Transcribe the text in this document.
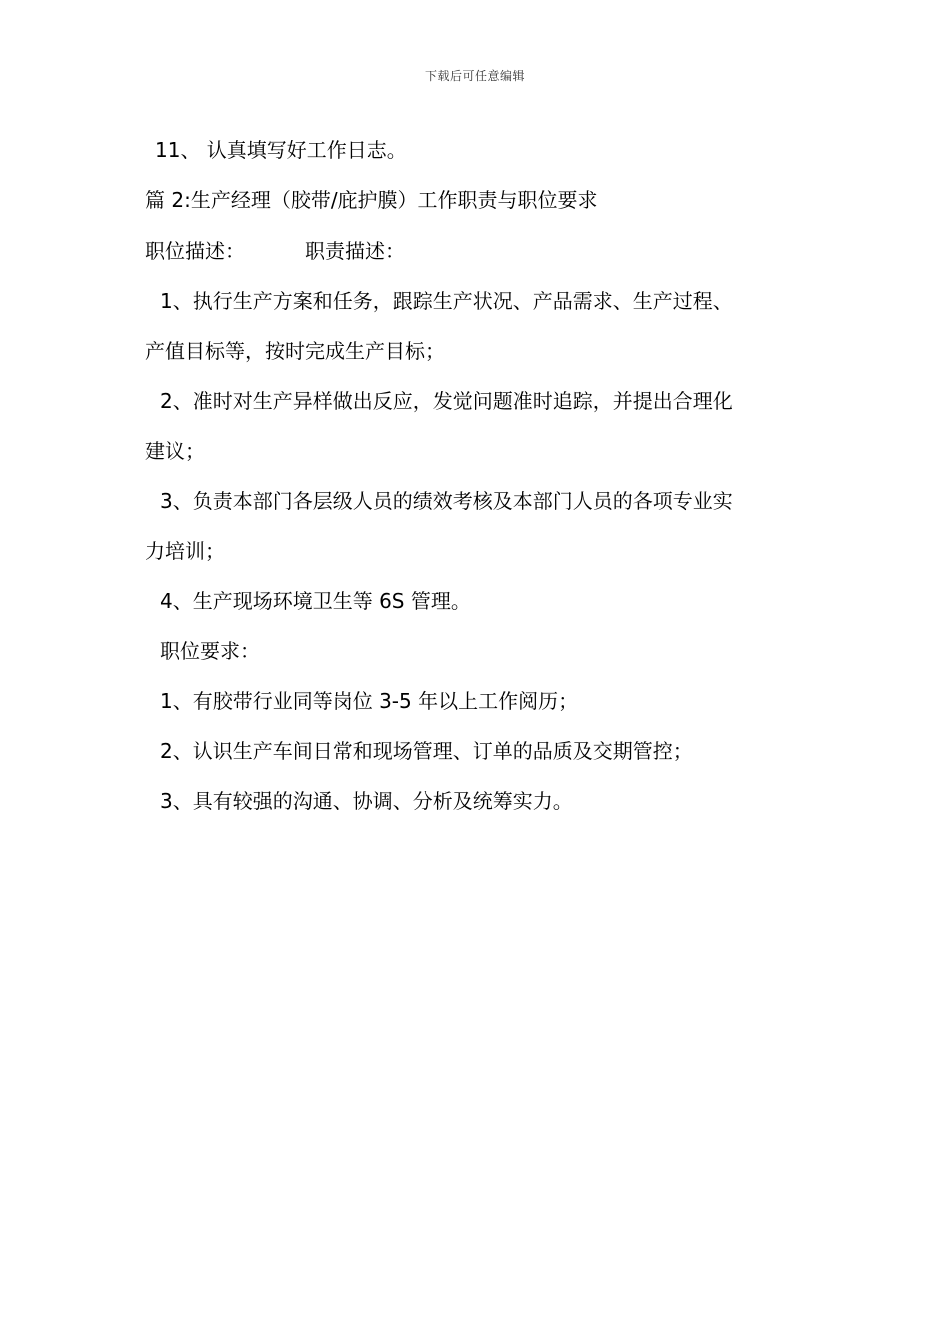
下载后可任意编辑
11、 认真填写好工作日志。
篇 2:生产经理（胶带/庇护膜）工作职责与职位要求
职位描述：	职责描述：
1、执行生产方案和任务，跟踪生产状况、产品需求、生产过程、
产值目标等，按时完成生产目标；
2、准时对生产异样做出反应，发觉问题准时追踪，并提出合理化
建议；
3、负责本部门各层级人员的绩效考核及本部门人员的各项专业实
力培训；
4、生产现场环境卫生等 6S 管理。
职位要求：
1、有胶带行业同等岗位 3-5 年以上工作阅历；
2、认识生产车间日常和现场管理、订单的品质及交期管控；
3、具有较强的沟通、协调、分析及统筹实力。
